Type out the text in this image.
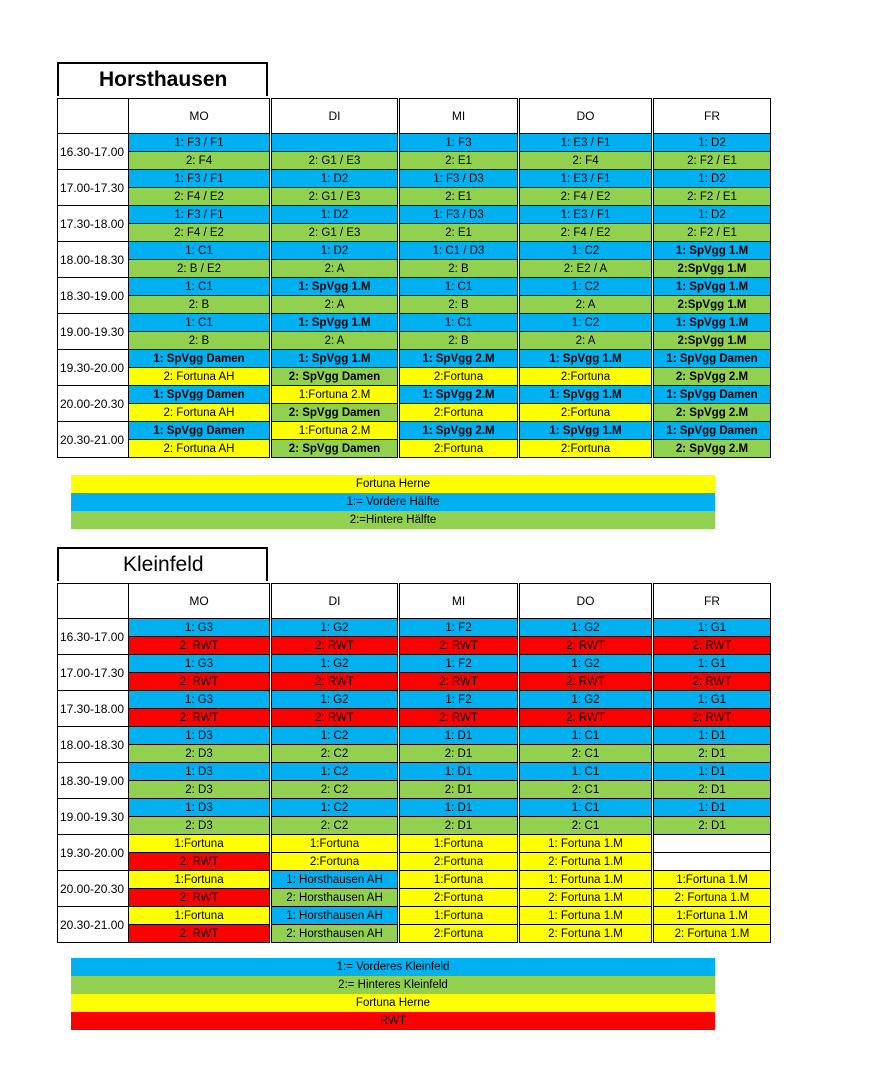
Horsthausen
	MO	DI	MI	DO	FR
16.30-17.00	1: F3 / F1		1: F3	1: E3 / F1	1: D2
	2: F4	2: G1 / E3	2: E1	2: F4	2: F2 / E1
17.00-17.30	1: F3 / F1	1: D2	1: F3 / D3	1: E3 / F1	1: D2
	2: F4 / E2	2: G1 / E3	2: E1	2: F4 / E2	2: F2 / E1
17.30-18.00	1: F3 / F1	1: D2	1: F3 / D3	1: E3 / F1	1: D2
	2: F4 / E2	2: G1 / E3	2: E1	2: F4 / E2	2: F2 / E1
18.00-18.30	1: C1	1: D2	1: C1 / D3	1: C2	1: SpVgg 1.M
	2: B / E2	2: A	2: B	2: E2 / A	2:SpVgg 1.M
18.30-19.00	1: C1	1: SpVgg 1.M	1: C1	1: C2	1: SpVgg 1.M
	2: B	2: A	2: B	2: A	2:SpVgg 1.M
19.00-19.30	1: C1	1: SpVgg 1.M	1: C1	1: C2	1: SpVgg 1.M
	2: B	2: A	2: B	2: A	2:SpVgg 1.M
19.30-20.00	1: SpVgg Damen	1: SpVgg 1.M	1: SpVgg 2.M	1: SpVgg 1.M	1: SpVgg Damen
	2: Fortuna AH	2: SpVgg Damen	2:Fortuna	2:Fortuna	2: SpVgg 2.M
20.00-20.30	1: SpVgg Damen	1:Fortuna 2.M	1: SpVgg 2.M	1: SpVgg 1.M	1: SpVgg Damen
	2: Fortuna AH	2: SpVgg Damen	2:Fortuna	2:Fortuna	2: SpVgg 2.M
20.30-21.00	1: SpVgg Damen	1:Fortuna 2.M	1: SpVgg 2.M	1: SpVgg 1.M	1: SpVgg Damen
	2: Fortuna AH	2: SpVgg Damen	2:Fortuna	2:Fortuna	2: SpVgg 2.M
Fortuna Herne
1:= Vordere Hälfte
2:=Hintere Hälfte
Kleinfeld
	MO	DI	MI	DO	FR
16.30-17.00	1: G3	1: G2	1: F2	1: G2	1: G1
	2: RWT	2: RWT	2: RWT	2: RWT	2: RWT
17.00-17.30	1: G3	1: G2	1: F2	1: G2	1: G1
	2: RWT	2: RWT	2: RWT	2: RWT	2: RWT
17.30-18.00	1: G3	1: G2	1: F2	1: G2	1: G1
	2: RWT	2: RWT	2: RWT	2: RWT	2: RWT
18.00-18.30	1: D3	1: C2	1: D1	1: C1	1: D1
	2: D3	2: C2	2: D1	2: C1	2: D1
18.30-19.00	1: D3	1: C2	1: D1	1: C1	1: D1
	2: D3	2: C2	2: D1	2: C1	2: D1
19.00-19.30	1: D3	1: C2	1: D1	1: C1	1: D1
	2: D3	2: C2	2: D1	2: C1	2: D1
19.30-20.00	1:Fortuna	1:Fortuna	1:Fortuna	1: Fortuna 1.M	
	2: RWT	2:Fortuna	2:Fortuna	2: Fortuna 1.M	
20.00-20.30	1:Fortuna	1: Horsthausen AH	1:Fortuna	1: Fortuna 1.M	1:Fortuna 1.M
	2: RWT	2: Horsthausen AH	2:Fortuna	2: Fortuna 1.M	2: Fortuna 1.M
20.30-21.00	1:Fortuna	1: Horsthausen AH	1:Fortuna	1: Fortuna 1.M	1:Fortuna 1.M
	2: RWT	2: Horsthausen AH	2:Fortuna	2: Fortuna 1.M	2: Fortuna 1.M
1:= Vorderes Kleinfeld
2:= Hinteres Kleinfeld
Fortuna Herne
RWT
